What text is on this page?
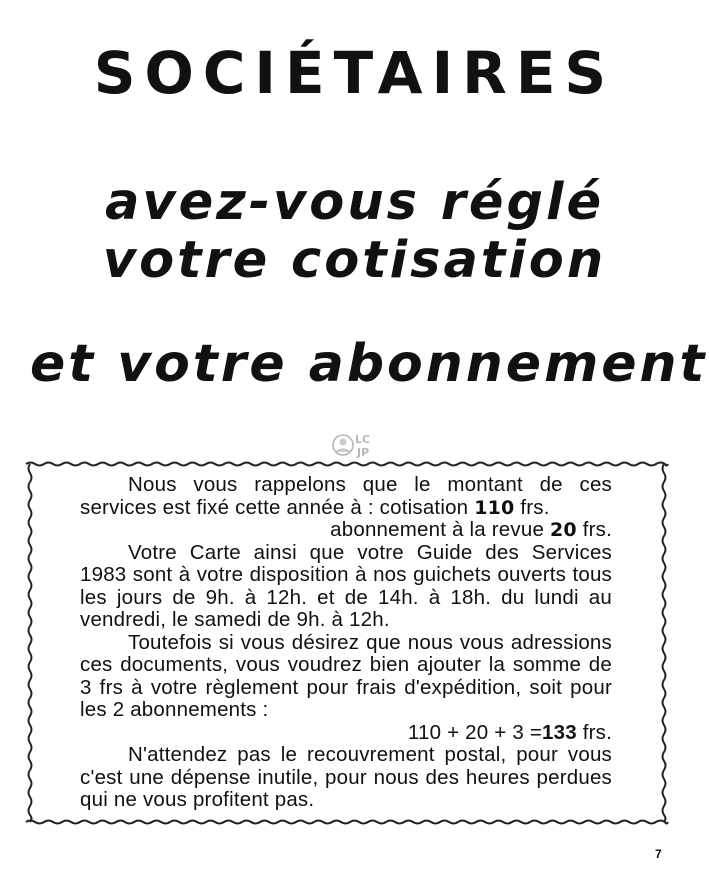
SOCIÉTAIRES
avez-vous réglé
votre cotisation
et votre abonnement
LC
JP

Nous vous rappelons que le montant de ces services est fixé cette année à : cotisation 110 frs.

abonnement à la revue 20 frs.

Votre Carte ainsi que votre Guide des Services 1983 sont à votre disposition à nos guichets ouverts tous les jours de 9h. à 12h. et de 14h. à 18h. du lundi au vendredi, le samedi de 9h. à 12h.

Toutefois si vous désirez que nous vous adressions ces documents, vous voudrez bien ajouter la somme de 3 frs à votre règlement pour frais d'expédition, soit pour les 2 abonnements :

110 + 20 + 3 =133 frs.

N'attendez pas le recouvrement postal, pour vous c'est une dépense inutile, pour nous des heures perdues qui ne vous profitent pas.

7
